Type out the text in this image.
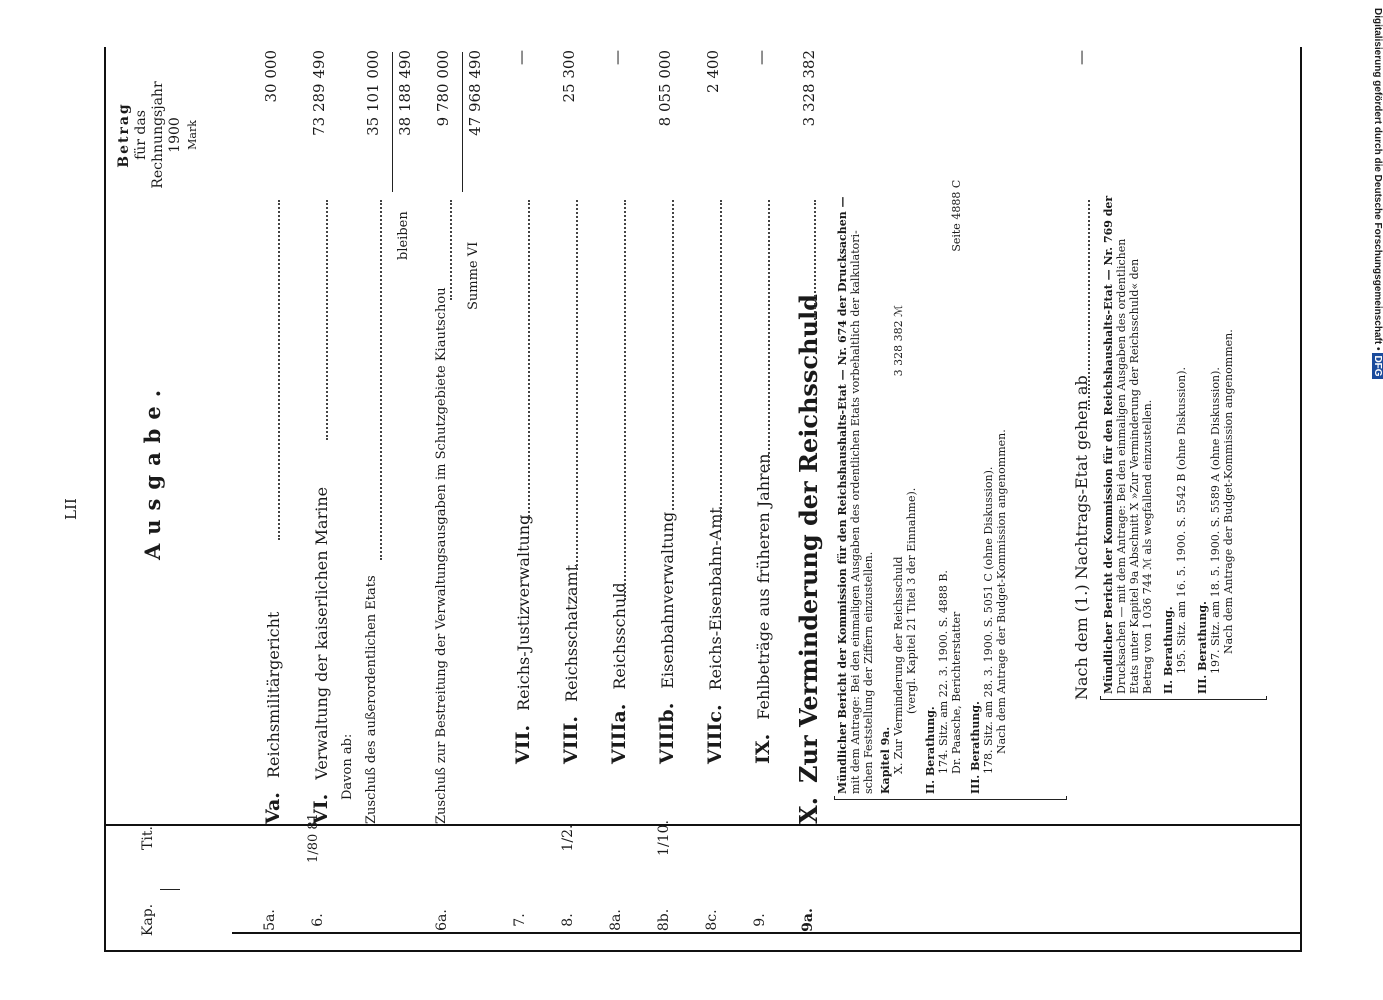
LII
Kap.
Tit.
Ausgabe.
Betrag für das Rechnungsjahr 1900 Mark
5a.
Va.Reichsmilitärgericht
30 000
6.
1/80 81
VI.Verwaltung der kaiserlichen Marine
73 289 490
Davon ab: Zuschuß des außerordentlichen Etats
35 101 000
bleiben
38 188 490
6a.
Zuschuß zur Bestreitung der Verwaltungsausgaben im Schutzgebiete Kiautschou
9 780 000
Summe VI
47 968 490
7.
VII.Reichs-Justizverwaltung
—
8.
1/2.
VIII.Reichsschatzamt
25 300
8a.
VIIIa.Reichsschuld
—
8b.
1/10.
VIIIb.Eisenbahnverwaltung
8 055 000
8c.
VIIIc.Reichs-Eisenbahn-Amt
2 400
9.
IX.Fehlbeträge aus früheren Jahren
—
9a.
X.Zur Verminderung der Reichsschuld
3 328 382
Mündlicher Bericht der Kommission für den Reichshaushalts-Etat — Nr. 674 der Drucksachen — mit dem Antrage: Bei den einmaligen Ausgaben des ordentlichen Etats vorbehaltlich der kalkulatori- schen Feststellung der Ziffern einzustellen. Kapitel 9a. X. Zur Verminderung der Reichsschuld3 328 382 ℳ
(vergl. Kapitel 21 Titel 3 der Einnahme).
II. Berathung. 174. Sitz. am 22. 3. 1900. S. 4888 B. Dr. Paasche, BerichterstatterSeite 4888 C
III. Berathung. 178. Sitz. am 28. 3. 1900. S. 5051 C (ohne Diskussion). Nach dem Antrage der Budget-Kommission angenommen.	Nach dem (1.) Nachtrags-Etat gehen ab
—
Mündlicher Bericht der Kommission für den Reichshaushalts-Etat — Nr. 769 der Drucksachen — mit dem Antrage: Bei den einmaligen Ausgaben des ordentlichen Etats unter Kapitel 9a Abschnitt X »Zur Verminderung der Reichsschuld« den Betrag von 1 036 744 ℳ als wegfallend einzustellen. II. Berathung. 195. Sitz. am 16. 5. 1900. S. 5542 B (ohne Diskussion). III. Berathung. 197. Sitz. am 18. 5. 1900. S. 5589 A (ohne Diskussion). Nach dem Antrage der Budget-Kommission angenommen.
Digitalisierung gefördert durch die Deutsche Forschungsgemeinschaft •DFG
